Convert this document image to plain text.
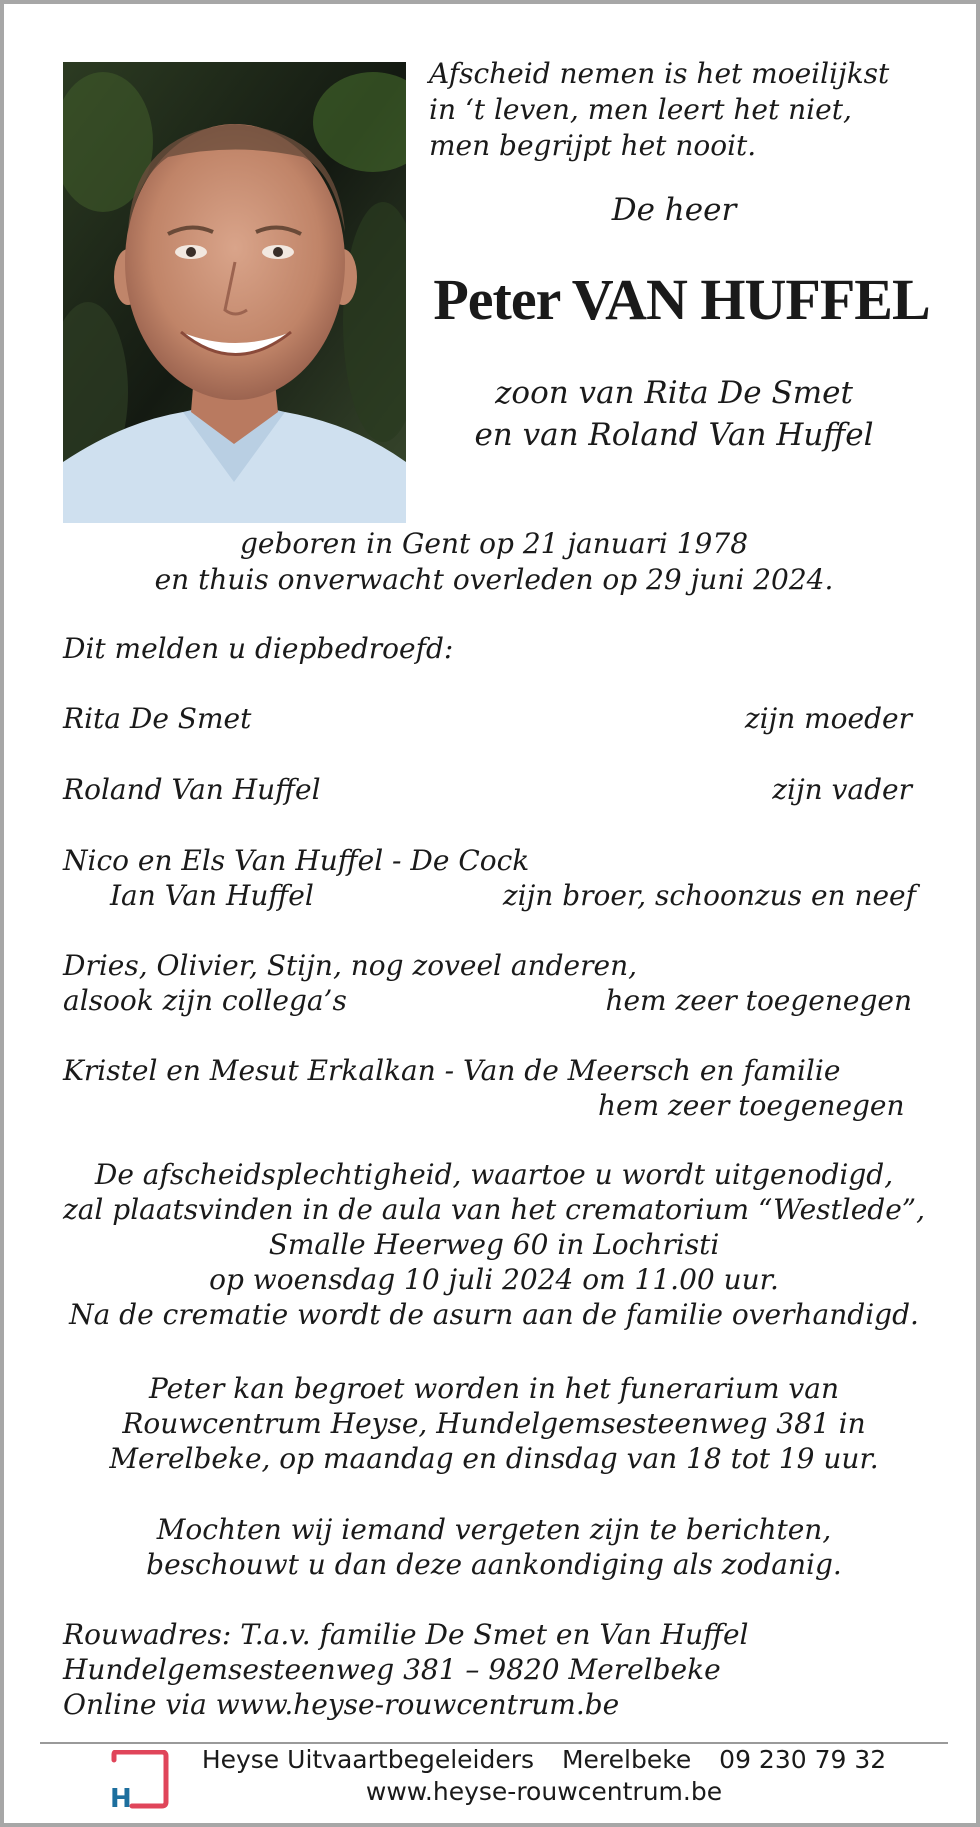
Afscheid nemen is het moeilijkst
in ‘t leven, men leert het niet,
men begrijpt het nooit.
De heer
Peter VAN HUFFEL
zoon van Rita De Smet
en van Roland Van Huffel
geboren in Gent op 21 januari 1978
en thuis onverwacht overleden op 29 juni 2024.
Dit melden u diepbedroefd:
Rita De Smet	zijn moeder
Roland Van Huffel	zijn vader
Nico en Els Van Huffel - De Cock
Ian Van Huffel	zijn broer, schoonzus en neef
Dries, Olivier, Stijn, nog zoveel anderen,
alsook zijn collega’s	hem zeer toegenegen
Kristel en Mesut Erkalkan - Van de Meersch en familie
hem zeer toegenegen
De afscheidsplechtigheid, waartoe u wordt uitgenodigd,
zal plaatsvinden in de aula van het crematorium “Westlede”,
Smalle Heerweg 60 in Lochristi
op woensdag 10 juli 2024 om 11.00 uur.
Na de crematie wordt de asurn aan de familie overhandigd.
Peter kan begroet worden in het funerarium van
Rouwcentrum Heyse, Hundelgemsesteenweg 381 in
Merelbeke, op maandag en dinsdag van 18 tot 19 uur.
Mochten wij iemand vergeten zijn te berichten,
beschouwt u dan deze aankondiging als zodanig.
Rouwadres: T.a.v. familie De Smet en Van Huffel
Hundelgemsesteenweg 381 – 9820 Merelbeke
Online via www.heyse-rouwcentrum.be
H
Heyse Uitvaartbegeleiders Merelbeke 09 230 79 32
www.heyse-rouwcentrum.be
